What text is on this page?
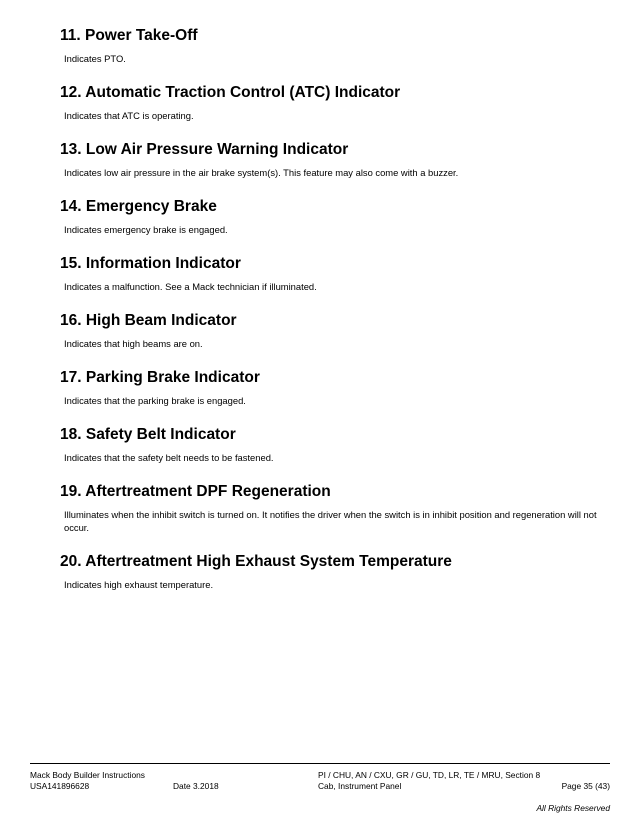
11. Power Take-Off

Indicates PTO.

12. Automatic Traction Control (ATC) Indicator

Indicates that ATC is operating.

13. Low Air Pressure Warning Indicator

Indicates low air pressure in the air brake system(s). This feature may also come with a buzzer.

14. Emergency Brake

Indicates emergency brake is engaged.

15. Information Indicator

Indicates a malfunction. See a Mack technician if illuminated.

16. High Beam Indicator

Indicates that high beams are on.

17. Parking Brake Indicator

Indicates that the parking brake is engaged.

18. Safety Belt Indicator

Indicates that the safety belt needs to be fastened.

19. Aftertreatment DPF Regeneration

Illuminates when the inhibit switch is turned on. It notifies the driver when the switch is in inhibit position and regeneration will not occur.

20. Aftertreatment High Exhaust System Temperature

Indicates high exhaust temperature.

Mack Body Builder Instructions	PI / CHU, AN / CXU, GR / GU, TD, LR, TE / MRU, Section 8
USA141896628	Date 3.2018	Cab, Instrument Panel	Page 35 (43)
All Rights Reserved
